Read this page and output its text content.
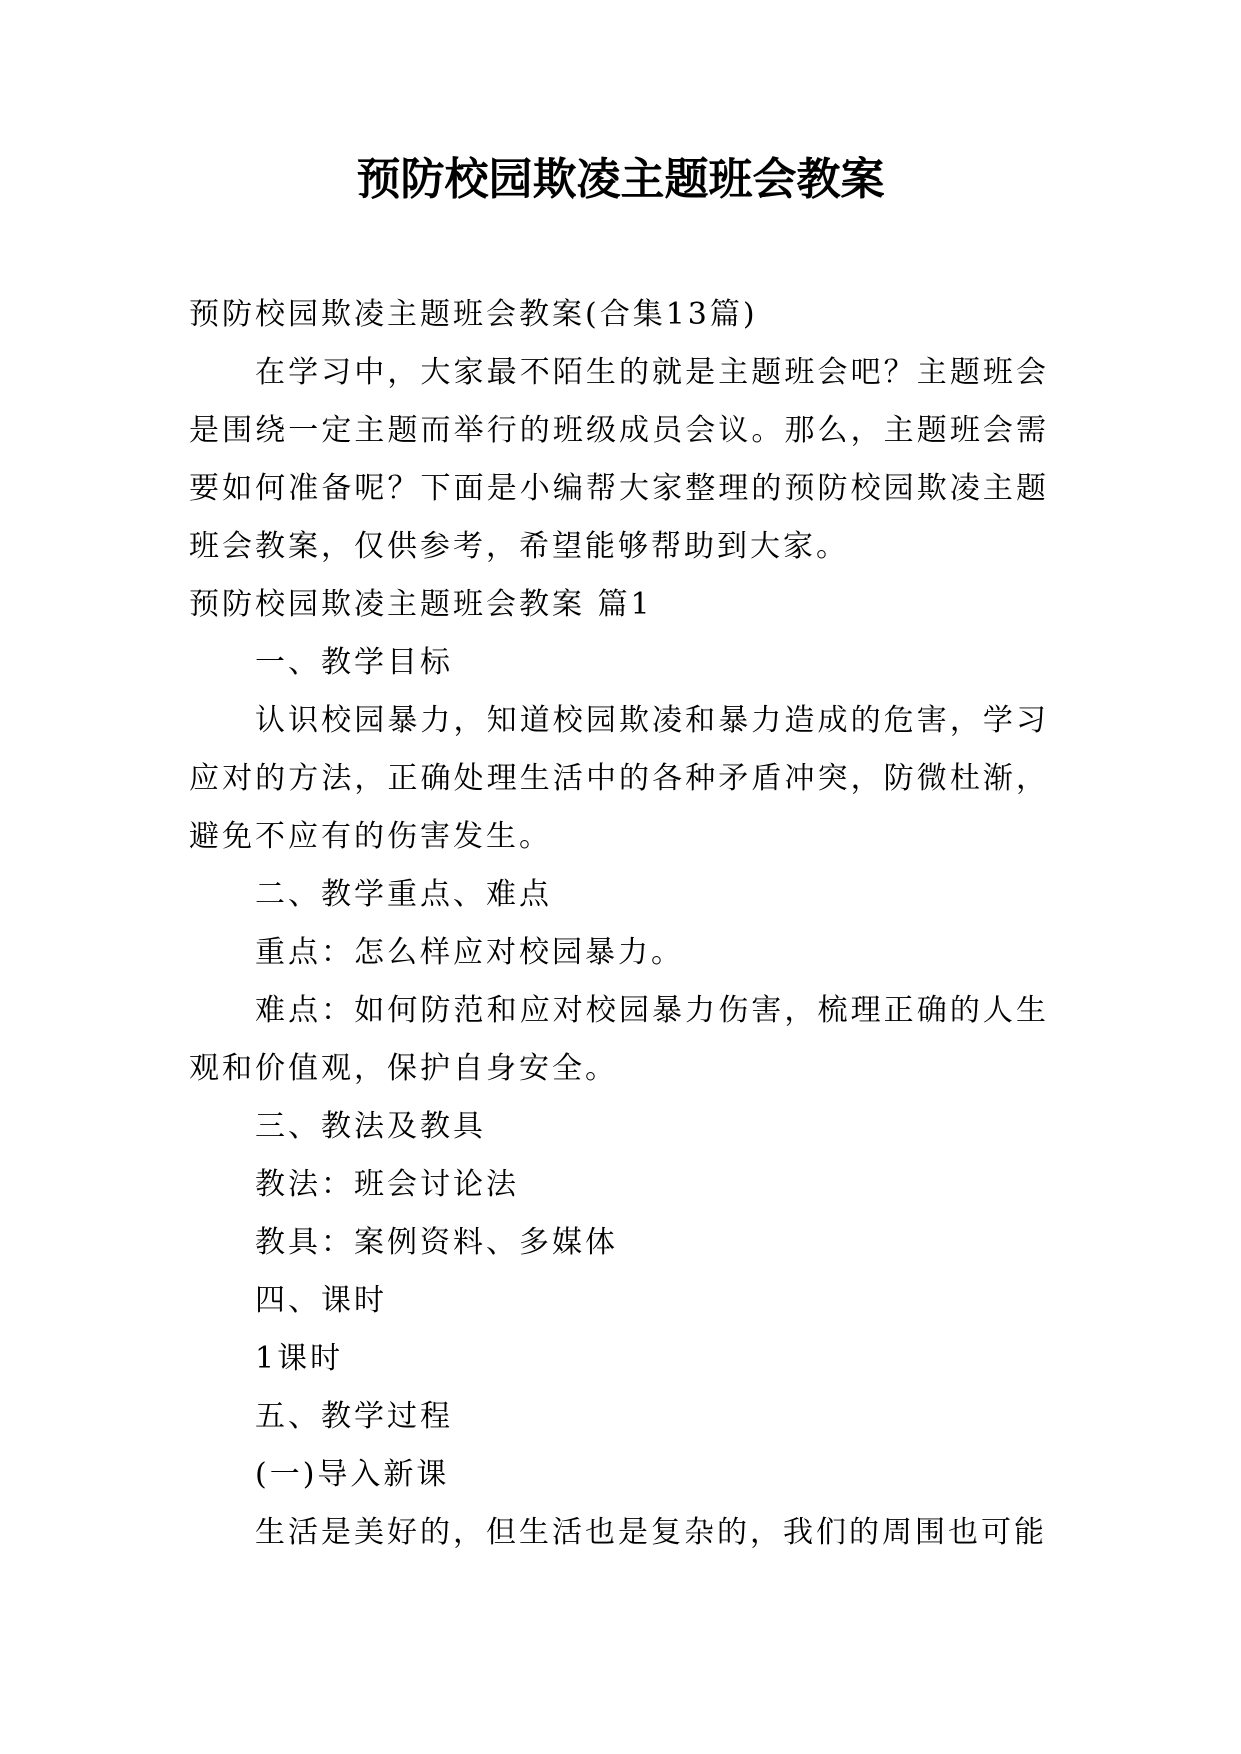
预防校园欺凌主题班会教案

预防校园欺凌主题班会教案(合集13篇)

在学习中，大家最不陌生的就是主题班会吧？主题班会是围绕一定主题而举行的班级成员会议。那么，主题班会需要如何准备呢？下面是小编帮大家整理的预防校园欺凌主题班会教案，仅供参考，希望能够帮助到大家。

预防校园欺凌主题班会教案 篇1

一、教学目标

认识校园暴力，知道校园欺凌和暴力造成的危害，学习应对的方法，正确处理生活中的各种矛盾冲突，防微杜渐，避免不应有的伤害发生。

二、教学重点、难点

重点：怎么样应对校园暴力。

难点：如何防范和应对校园暴力伤害，梳理正确的人生观和价值观，保护自身安全。

三、教法及教具

教法：班会讨论法

教具：案例资料、多媒体

四、课时

1课时

五、教学过程

(一)导入新课

生活是美好的，但生活也是复杂的，我们的周围也可能
